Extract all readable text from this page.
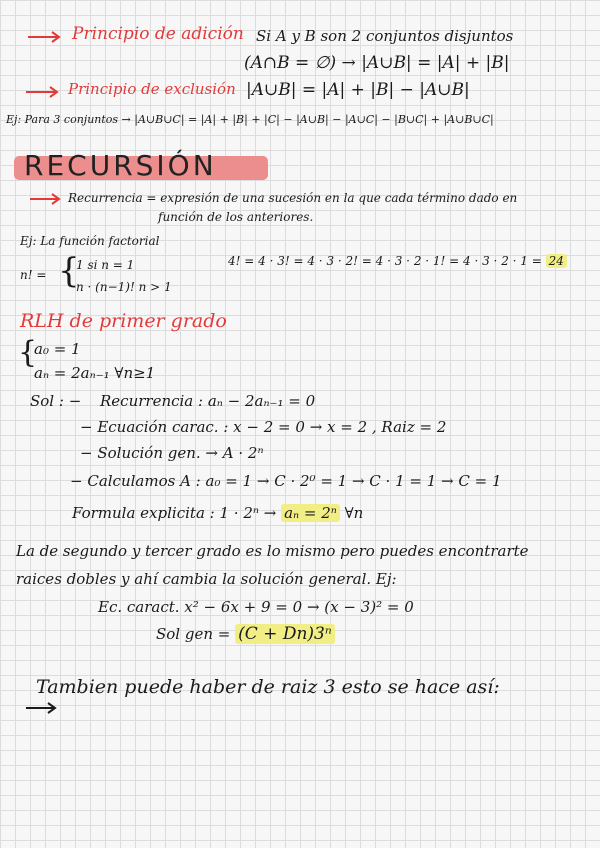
Principio de adición Si A y B son 2 conjuntos disjuntos
(A∩B = ∅) → |A∪B| = |A| + |B|
Principio de exclusión |A∪B| = |A| + |B| − |A∪B|
Ej: Para 3 conjuntos → |A∪B∪C| = |A| + |B| + |C| − |A∪B| − |A∪C| − |B∪C| + |A∪B∪C|
RECURSIÓN
Recurrencia = expresión de una sucesión en la que cada término dado en
función de los anteriores.
Ej: La función factorial
n! = {
1 si n = 1
n · (n−1)! n > 1
4! = 4 · 3! = 4 · 3 · 2! = 4 · 3 · 2 · 1! = 4 · 3 · 2 · 1 = 24
RLH de primer grado
{
a₀ = 1
aₙ = 2aₙ₋₁ ∀n≥1
Sol : − Recurrencia : aₙ − 2aₙ₋₁ = 0
− Ecuación carac. : x − 2 = 0 → x = 2 , Raiz = 2
− Solución gen. → A · 2ⁿ
− Calculamos A : a₀ = 1 → C · 2⁰ = 1 → C · 1 = 1 → C = 1
Formula explicita : 1 · 2ⁿ → aₙ = 2ⁿ ∀n
La de segundo y tercer grado es lo mismo pero puedes encontrarte
raices dobles y ahí cambia la solución general. Ej:
Ec. caract. x² − 6x + 9 = 0 → (x − 3)² = 0
Sol gen = (C + Dn)3ⁿ
Tambien puede haber de raiz 3 esto se hace así:
